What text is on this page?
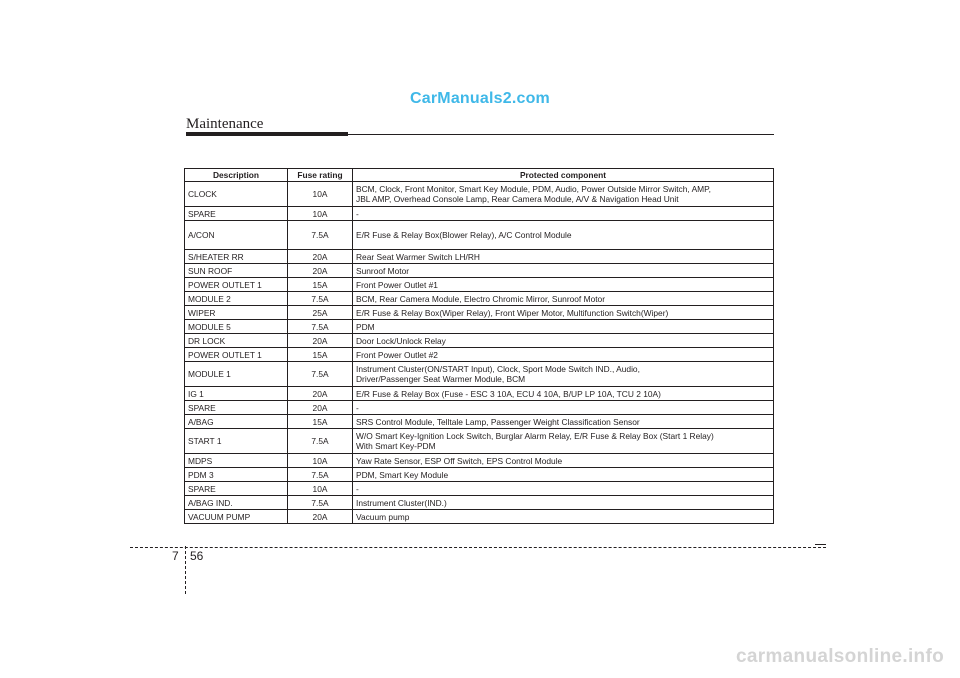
CarManuals2.com
Maintenance
Description	Fuse rating	Protected component
CLOCK	10A	BCM, Clock, Front Monitor, Smart Key Module, PDM, Audio, Power Outside Mirror Switch, AMP,
JBL AMP, Overhead Console Lamp, Rear Camera Module, A/V & Navigation Head Unit

SPARE	10A	-

A/CON	7.5A	E/R Fuse & Relay Box(Blower Relay), A/C Control Module

S/HEATER RR	20A	Rear Seat Warmer Switch LH/RH

SUN ROOF	20A	Sunroof Motor

POWER OUTLET 1	15A	Front Power Outlet #1

MODULE 2	7.5A	BCM, Rear Camera Module, Electro Chromic Mirror, Sunroof Motor

WIPER	25A	E/R Fuse & Relay Box(Wiper Relay), Front Wiper Motor, Multifunction Switch(Wiper)

MODULE 5	7.5A	PDM

DR LOCK	20A	Door Lock/Unlock Relay

POWER OUTLET 1	15A	Front Power Outlet #2

MODULE 1	7.5A	Instrument Cluster(ON/START Input), Clock, Sport Mode Switch IND., Audio,
Driver/Passenger Seat Warmer Module, BCM

IG 1	20A	E/R Fuse & Relay Box (Fuse - ESC 3 10A, ECU 4 10A, B/UP LP 10A, TCU 2 10A)

SPARE	20A	-

A/BAG	15A	SRS Control Module, Telltale Lamp, Passenger Weight Classification Sensor

START 1	7.5A	W/O Smart Key-Ignition Lock Switch, Burglar Alarm Relay, E/R Fuse & Relay Box (Start 1 Relay)
With Smart Key-PDM

MDPS	10A	Yaw Rate Sensor, ESP Off Switch, EPS Control Module

PDM 3	7.5A	PDM, Smart Key Module

SPARE	10A	-

A/BAG IND.	7.5A	Instrument Cluster(IND.)

VACUUM PUMP	20A	Vacuum pump
7 56
carmanualsonline.info
